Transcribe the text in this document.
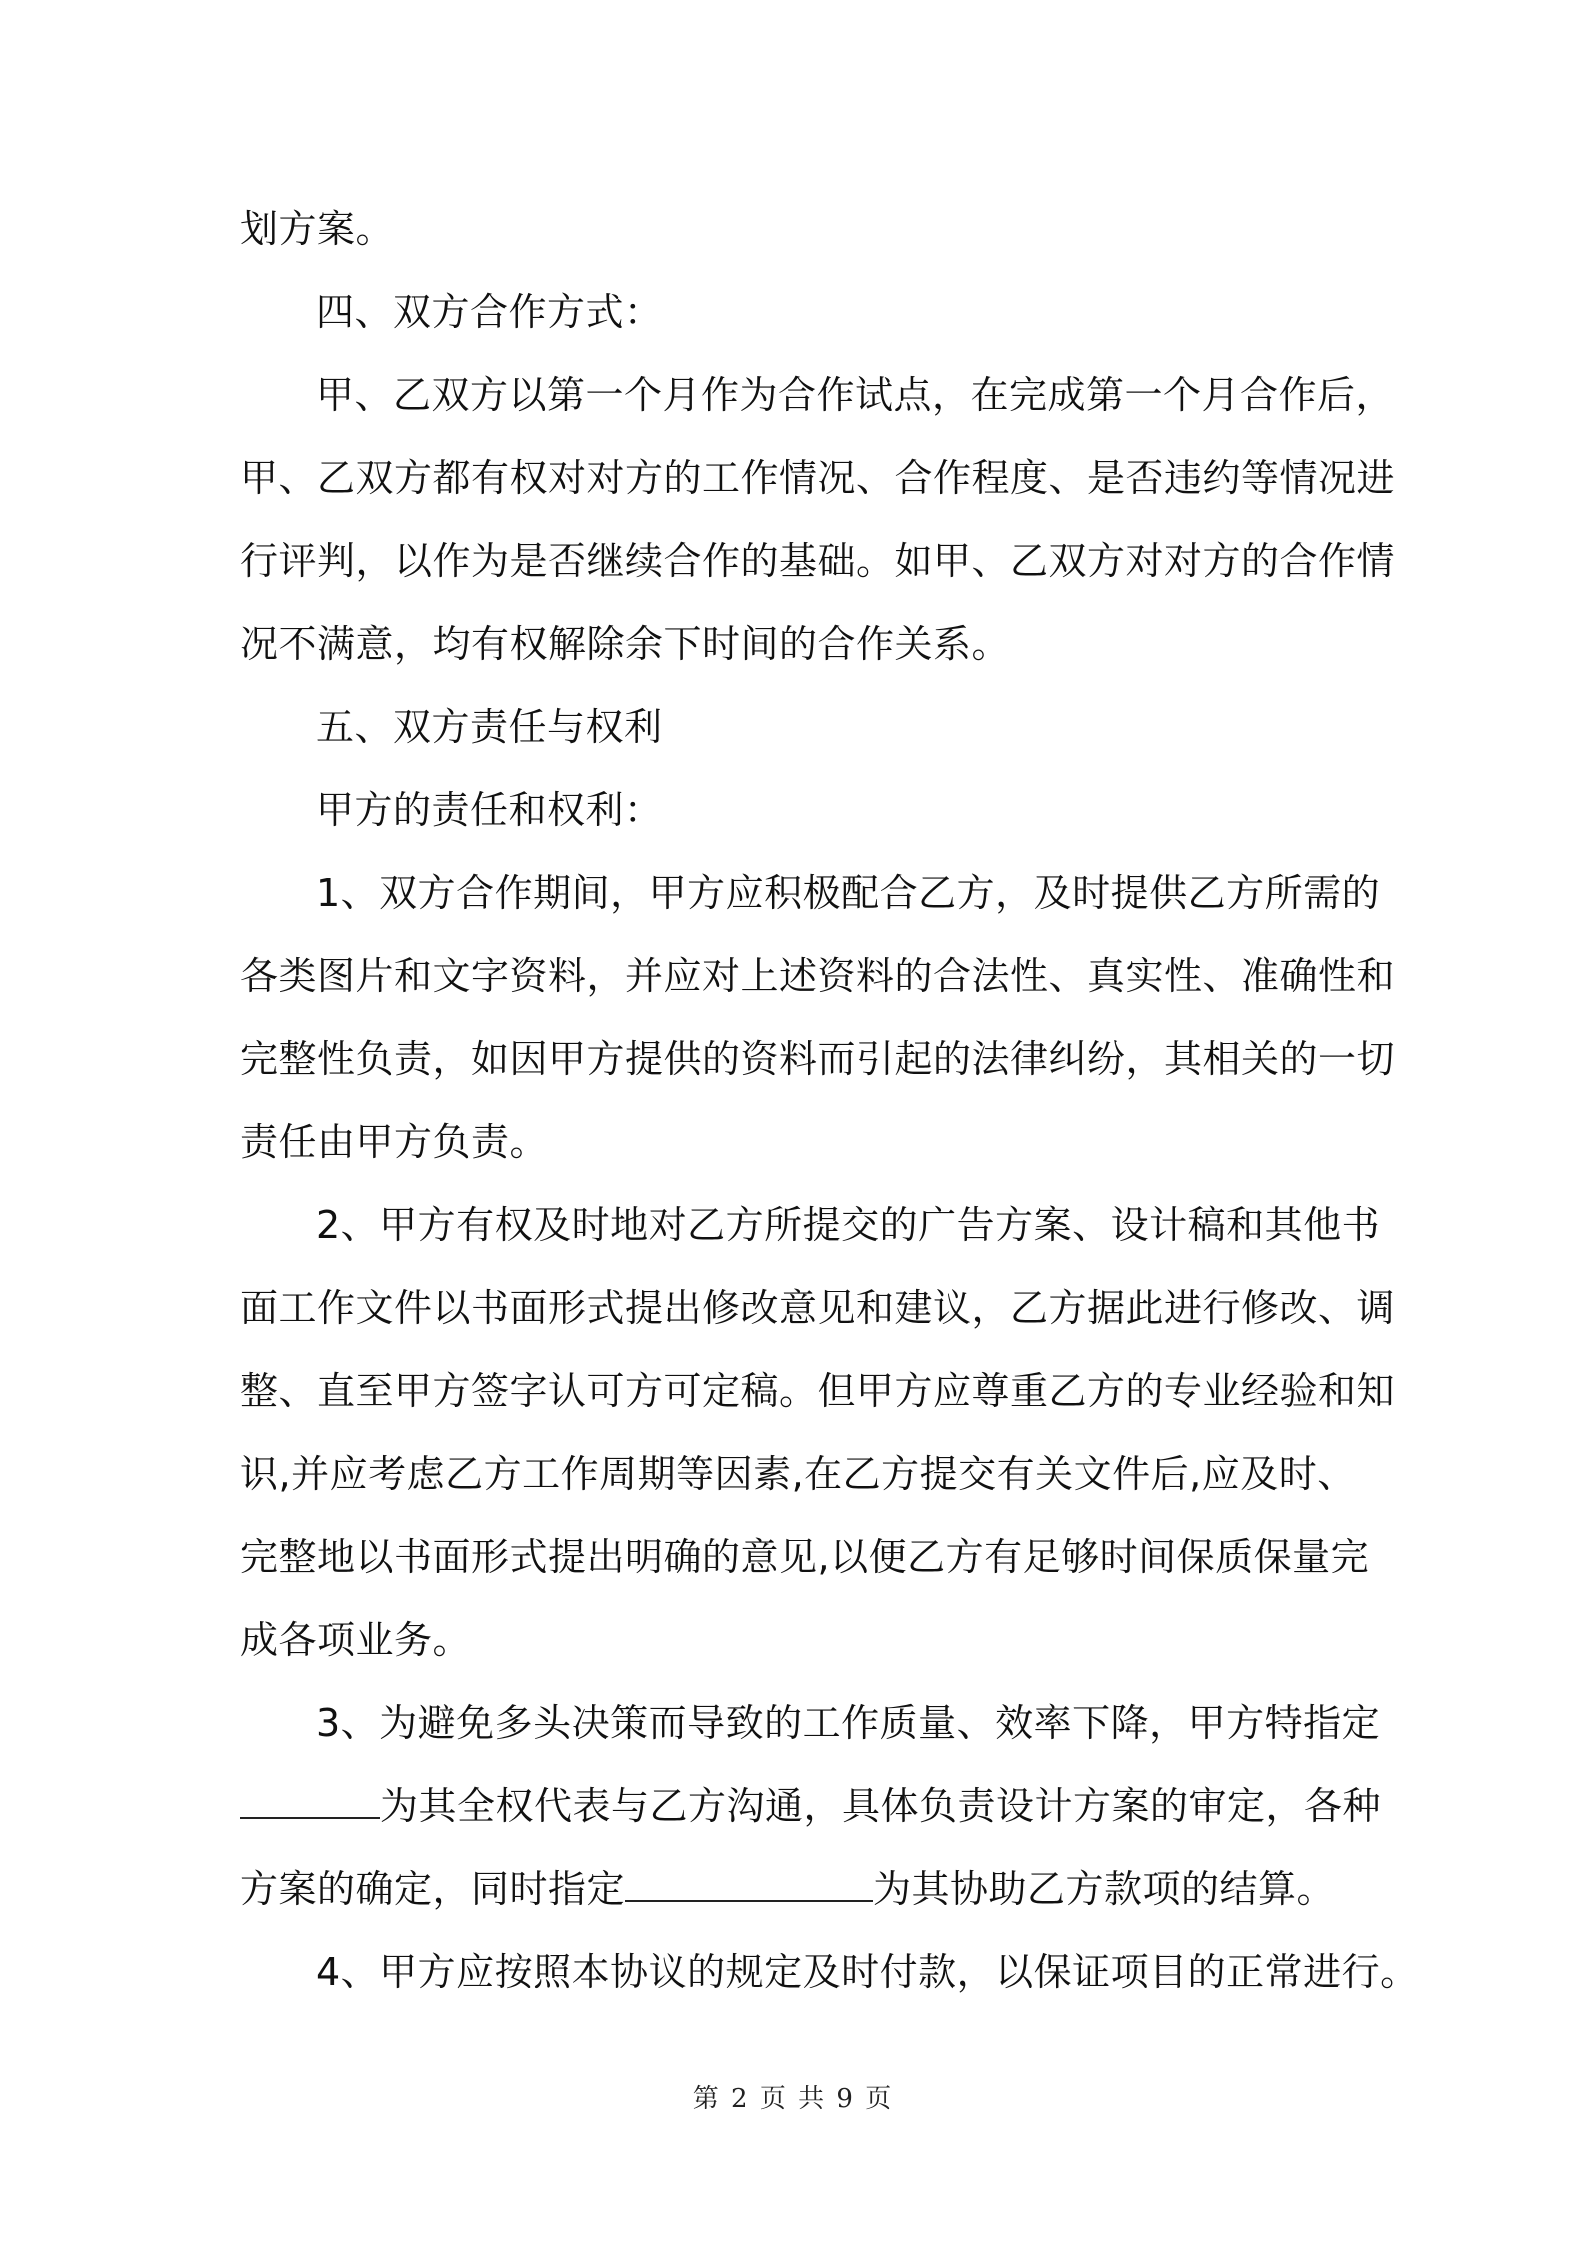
划方案。
四、双方合作方式：
甲、乙双方以第一个月作为合作试点，在完成第一个月合作后，
甲、乙双方都有权对对方的工作情况、合作程度、是否违约等情况进
行评判，以作为是否继续合作的基础。如甲、乙双方对对方的合作情
况不满意，均有权解除余下时间的合作关系。
五、双方责任与权利
甲方的责任和权利：
1、双方合作期间，甲方应积极配合乙方，及时提供乙方所需的
各类图片和文字资料，并应对上述资料的合法性、真实性、准确性和
完整性负责，如因甲方提供的资料而引起的法律纠纷，其相关的一切
责任由甲方负责。
2、甲方有权及时地对乙方所提交的广告方案、设计稿和其他书
面工作文件以书面形式提出修改意见和建议，乙方据此进行修改、调
整、直至甲方签字认可方可定稿。但甲方应尊重乙方的专业经验和知
识,并应考虑乙方工作周期等因素,在乙方提交有关文件后,应及时、
完整地以书面形式提出明确的意见,以便乙方有足够时间保质保量完
成各项业务。
3、为避免多头决策而导致的工作质量、效率下降，甲方特指定
为其全权代表与乙方沟通，具体负责设计方案的审定，各种
方案的确定，同时指定	为其协助乙方款项的结算。
4、甲方应按照本协议的规定及时付款，以保证项目的正常进行。
第 2 页 共 9 页
